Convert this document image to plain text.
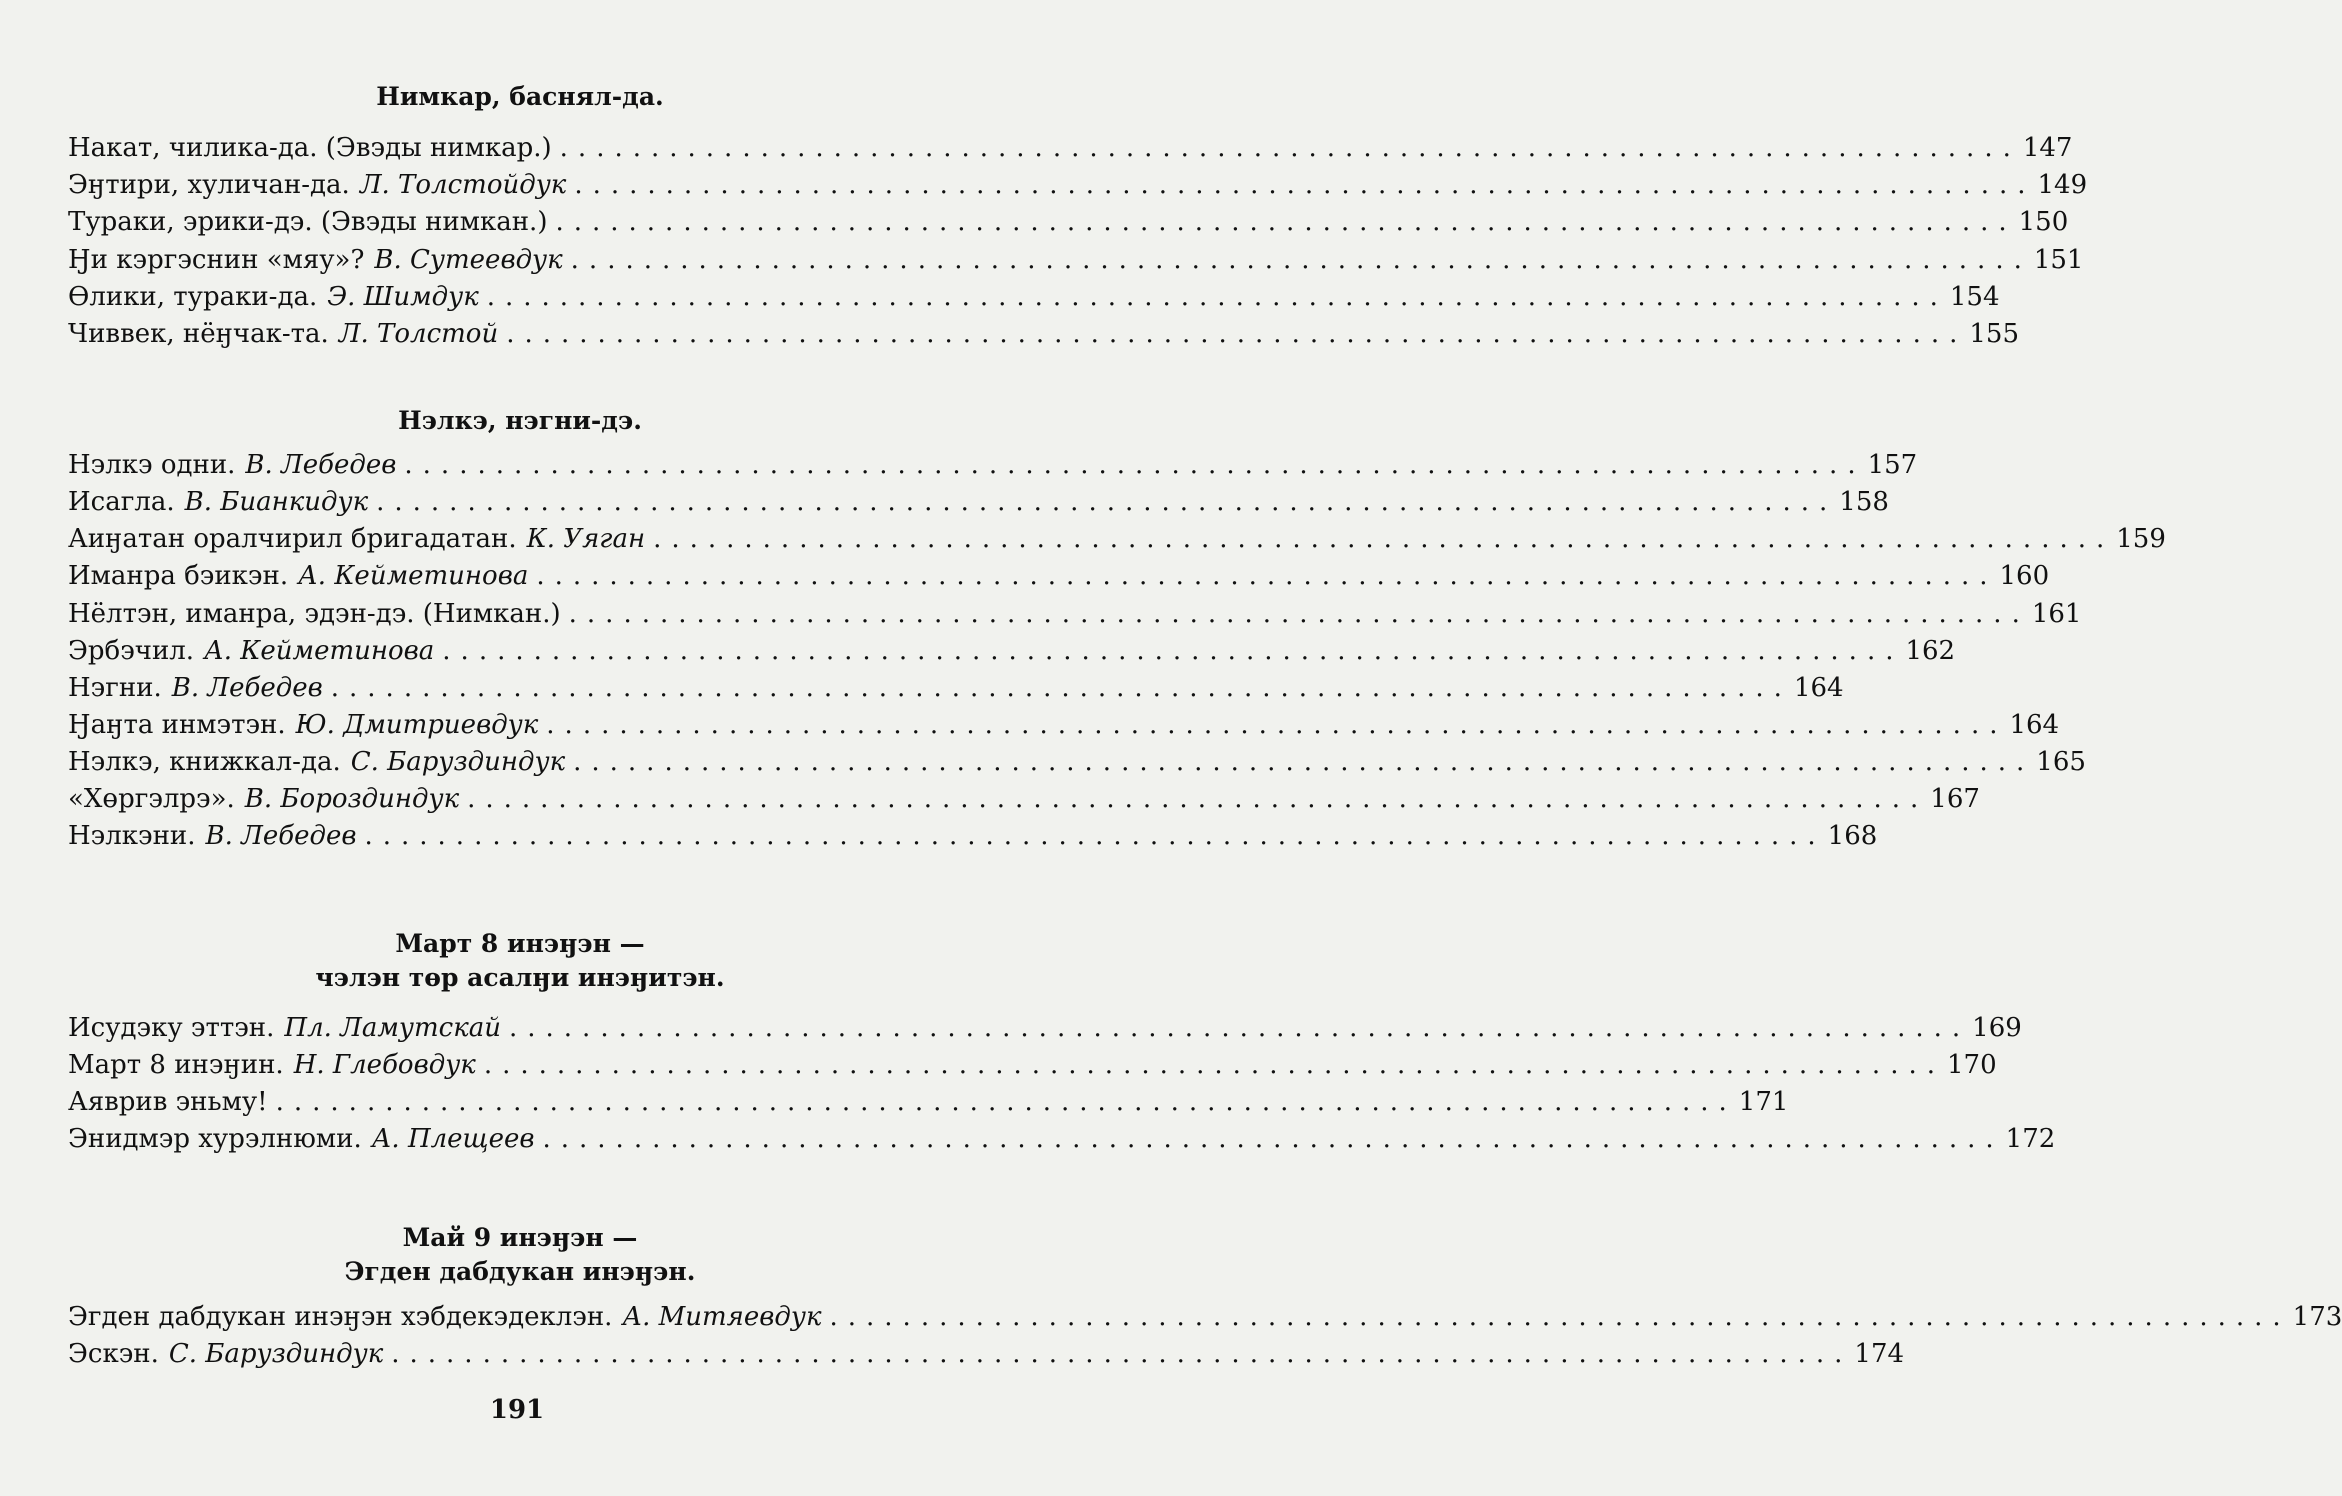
Нимкар, баснял-да.
Накат, чилика-да. (Эвэды нимкар.) ................................................................................ 147
Эӈтири, хуличан-да. Л. Толстойдук ................................................................................ 149
Тураки, эрики-дэ. (Эвэды нимкан.) ................................................................................ 150
Ӈи кэргэснин «мяу»? В. Сутеевдук ................................................................................ 151
Өлики, тураки-да. Э. Шимдук ................................................................................ 154
Чиввек, нёӈчак-та. Л. Толстой ................................................................................ 155
Нэлкэ, нэгни-дэ.
Нэлкэ одни. В. Лебедев ................................................................................ 157
Исагла. В. Бианкидук ................................................................................ 158
Аиӈатан оралчирил бригадатан. К. Уяган ................................................................................ 159
Иманра бэикэн. А. Кейметинова ................................................................................ 160
Нёлтэн, иманра, эдэн-дэ. (Нимкан.) ................................................................................ 161
Эрбэчил. А. Кейметинова ................................................................................ 162
Нэгни. В. Лебедев ................................................................................ 164
Ӈаӈта инмэтэн. Ю. Дмитриевдук ................................................................................ 164
Нэлкэ, книжкал-да. С. Баруздиндук ................................................................................ 165
«Хөргэлрэ». В. Бороздиндук ................................................................................ 167
Нэлкэни. В. Лебедев ................................................................................ 168
Март 8 инэӈэн —
чэлэн төр асалӈи инэӈитэн.
Исудэку эттэн. Пл. Ламутскай ................................................................................ 169
Март 8 инэӈин. Н. Глебовдук ................................................................................ 170
Аяврив эньму! ................................................................................ 171
Энидмэр хурэлнюми. А. Плещеев ................................................................................ 172
Май 9 инэӈэн —
Эгден дабдукан инэӈэн.
Эгден дабдукан инэӈэн хэбдекэдеклэн. А. Митяевдук ................................................................................ 173
Эскэн. С. Баруздиндук ................................................................................ 174
191
